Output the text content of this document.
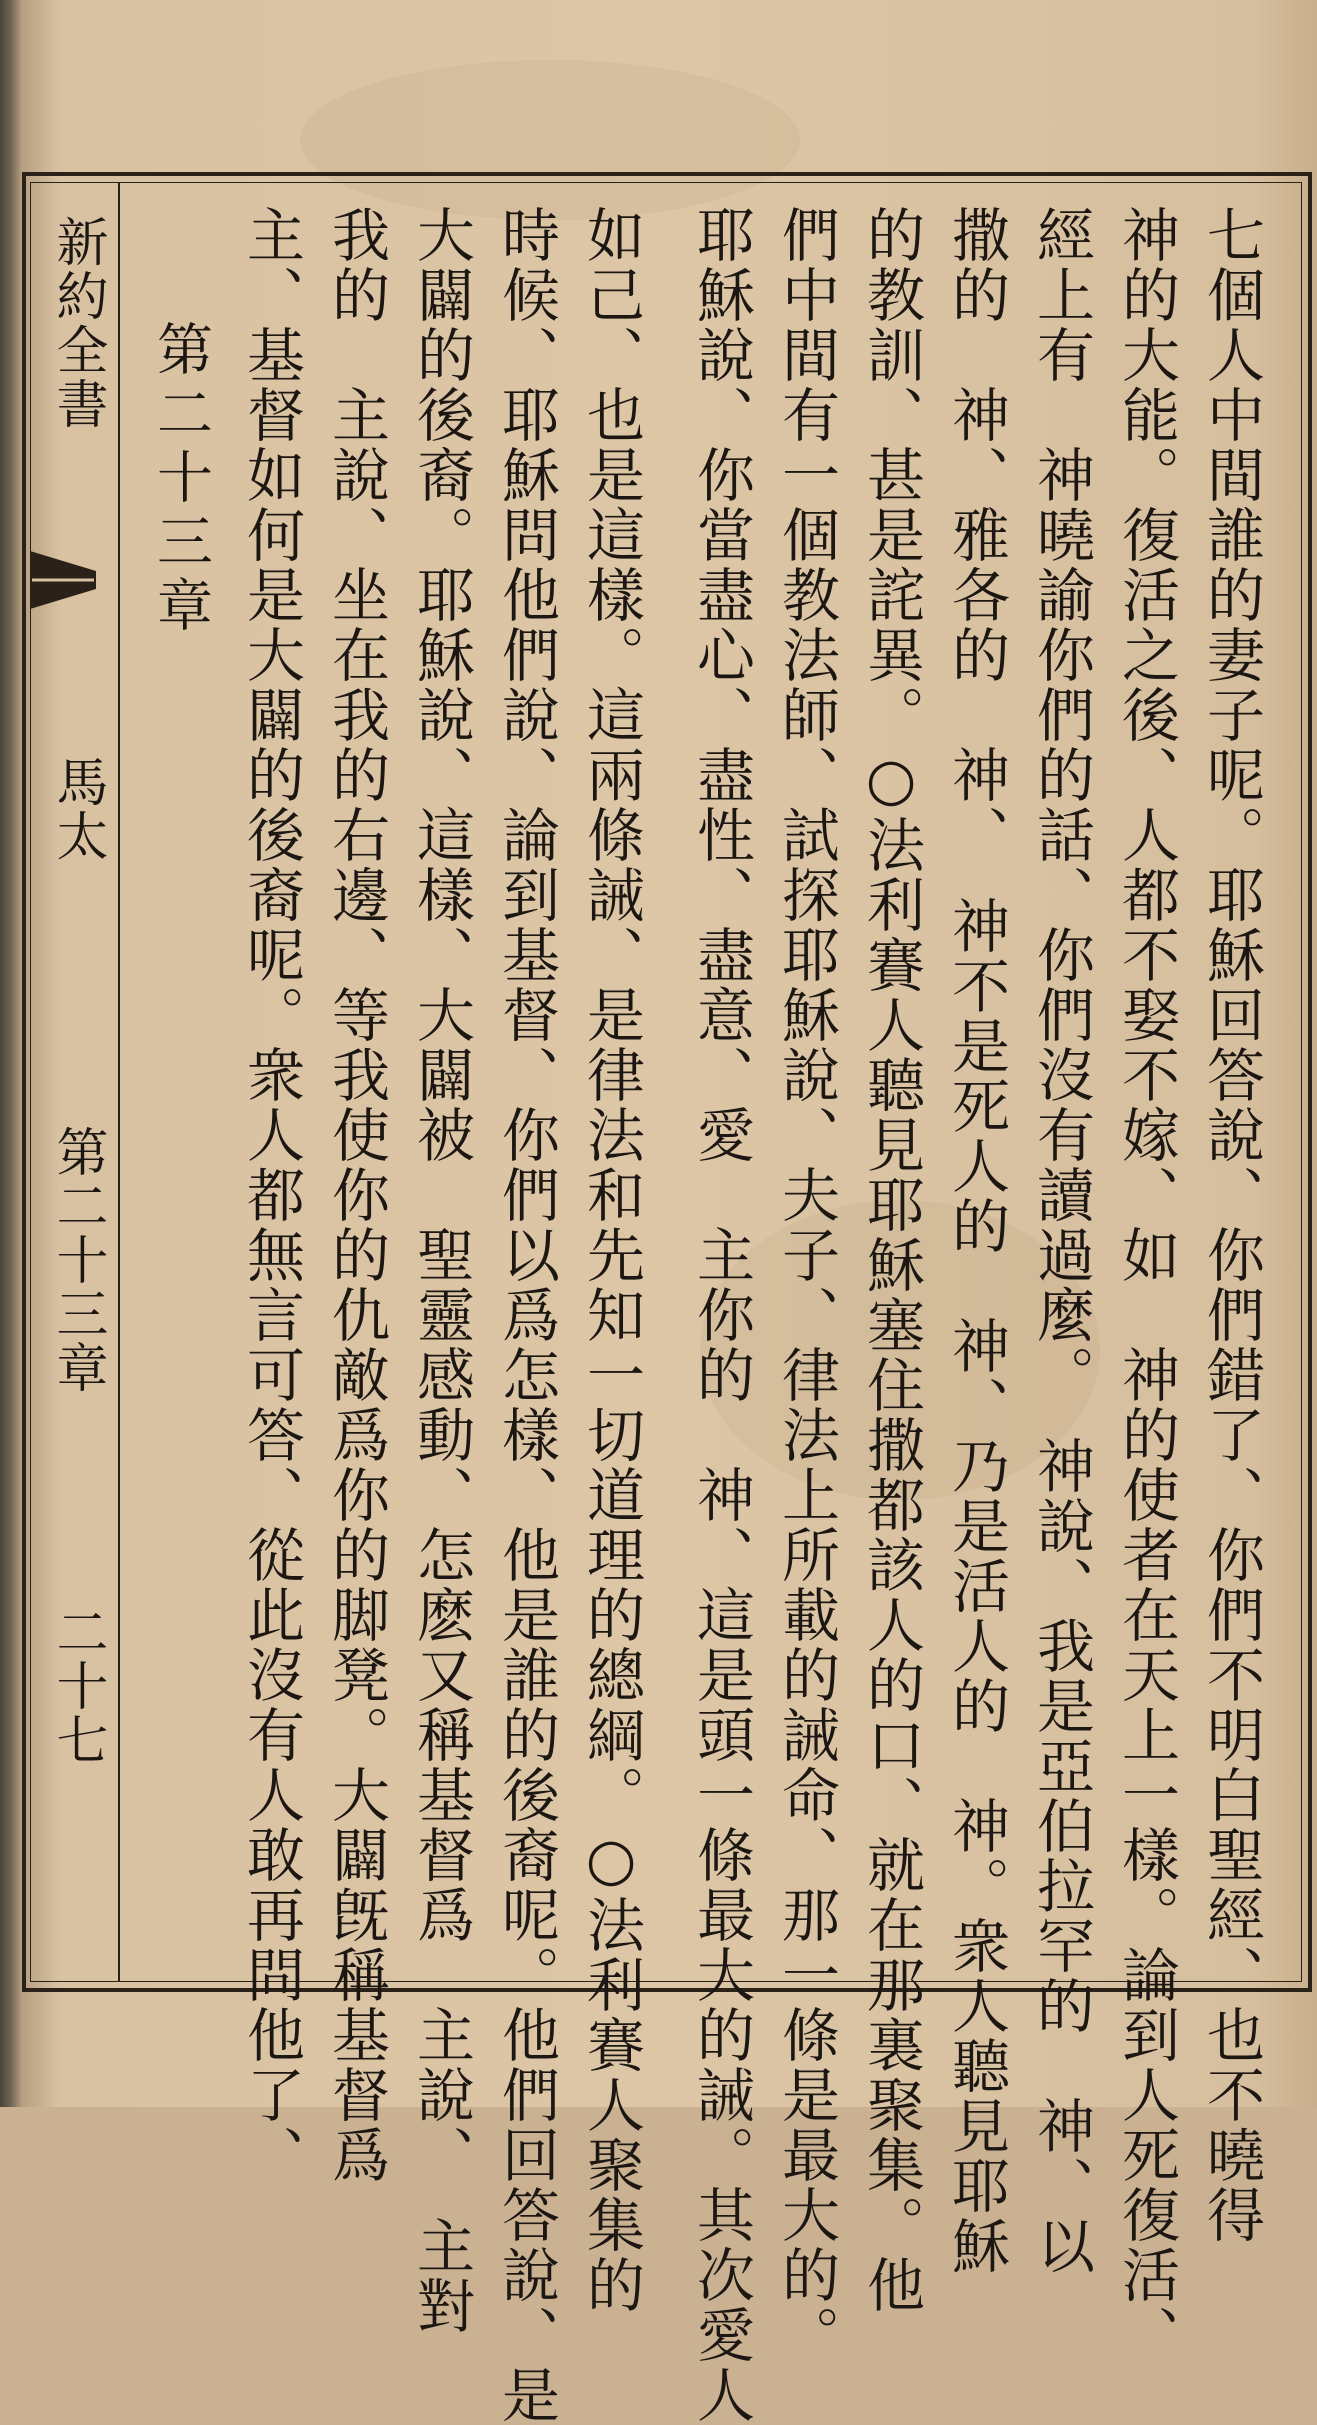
新約全書
馬太
第二十三章
二十七
第二十三章	七個人中間誰的妻子呢。耶穌回答說、你們錯了、你們不明白聖經、也不曉得
神的大能。復活之後、人都不娶不嫁、如　神的使者在天上一樣。論到人死復活、
經上有　神曉諭你們的話、你們沒有讀過麼。　神說、我是亞伯拉罕的　神、以
撒的　神、雅各的　神、　神不是死人的　神、乃是活人的　神。衆人聽見耶穌
的教訓、甚是詫異。○法利賽人聽見耶穌塞住撒都該人的口、就在那裏聚集。他
們中間有一個教法師、試探耶穌說、夫子、律法上所載的誡命、那一條是最大的。
耶穌說、你當盡心、盡性、盡意、愛　主你的　神、這是頭一條最大的誡。其次愛人
如己、也是這樣。這兩條誡、是律法和先知一切道理的總綱。○法利賽人聚集的
時候、耶穌問他們說、論到基督、你們以爲怎樣、他是誰的後裔呢。他們回答說、是
大闢的後裔。耶穌說、這樣、大闢被　聖靈感動、怎麽又稱基督爲　主說、　主對
我的　主說、坐在我的右邊、等我使你的仇敵爲你的脚凳。大闢旣稱基督爲
主、基督如何是大闢的後裔呢。衆人都無言可答、從此沒有人敢再問他了、
